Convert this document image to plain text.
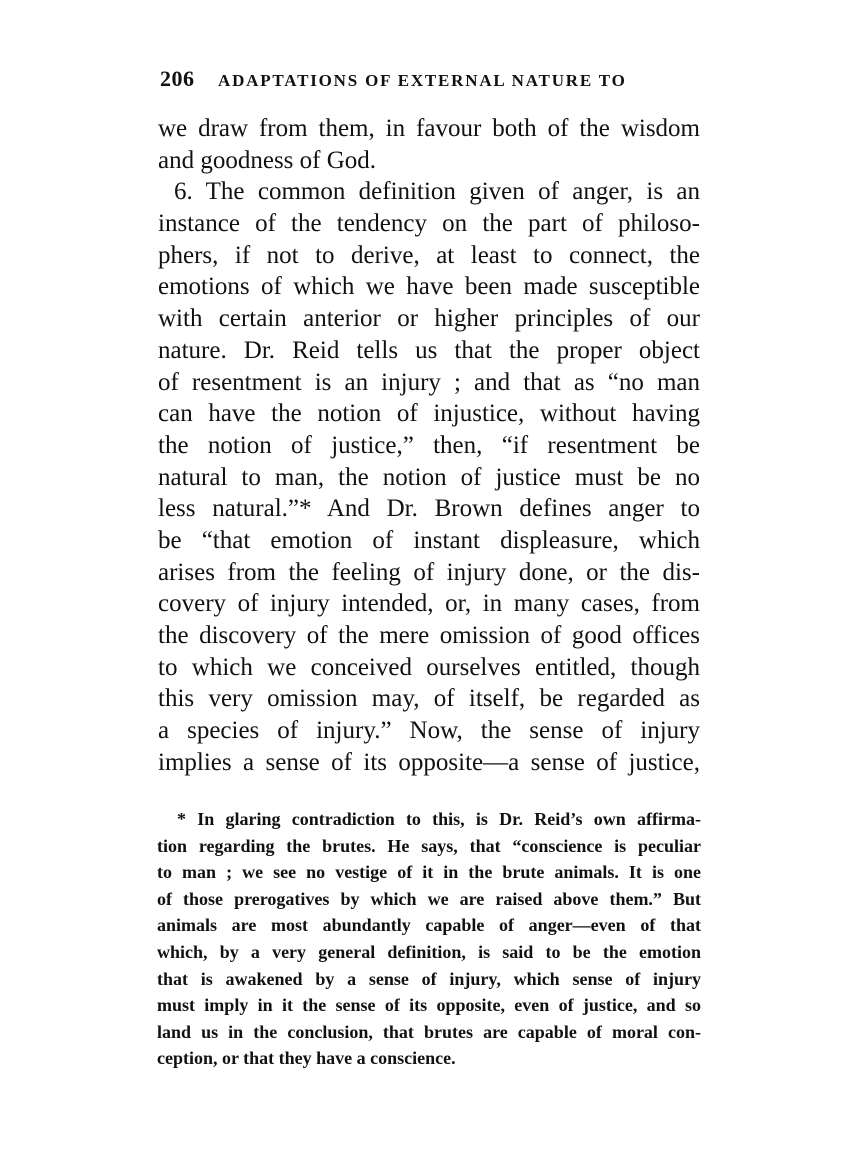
206 ADAPTATIONS OF EXTERNAL NATURE TO
we draw from them, in favour both of the wisdom
and goodness of God.
6. The common definition given of anger, is an
instance of the tendency on the part of philoso-
phers, if not to derive, at least to connect, the
emotions of which we have been made susceptible
with certain anterior or higher principles of our
nature. Dr. Reid tells us that the proper object
of resentment is an injury ; and that as “no man
can have the notion of injustice, without having
the notion of justice,” then, “if resentment be
natural to man, the notion of justice must be no
less natural.”* And Dr. Brown defines anger to
be “that emotion of instant displeasure, which
arises from the feeling of injury done, or the dis-
covery of injury intended, or, in many cases, from
the discovery of the mere omission of good offices
to which we conceived ourselves entitled, though
this very omission may, of itself, be regarded as
a species of injury.” Now, the sense of injury
implies a sense of its opposite—a sense of justice,
* In glaring contradiction to this, is Dr. Reid’s own affirma-
tion regarding the brutes. He says, that “conscience is peculiar
to man ; we see no vestige of it in the brute animals. It is one
of those prerogatives by which we are raised above them.” But
animals are most abundantly capable of anger—even of that
which, by a very general definition, is said to be the emotion
that is awakened by a sense of injury, which sense of injury
must imply in it the sense of its opposite, even of justice, and so
land us in the conclusion, that brutes are capable of moral con-
ception, or that they have a conscience.
